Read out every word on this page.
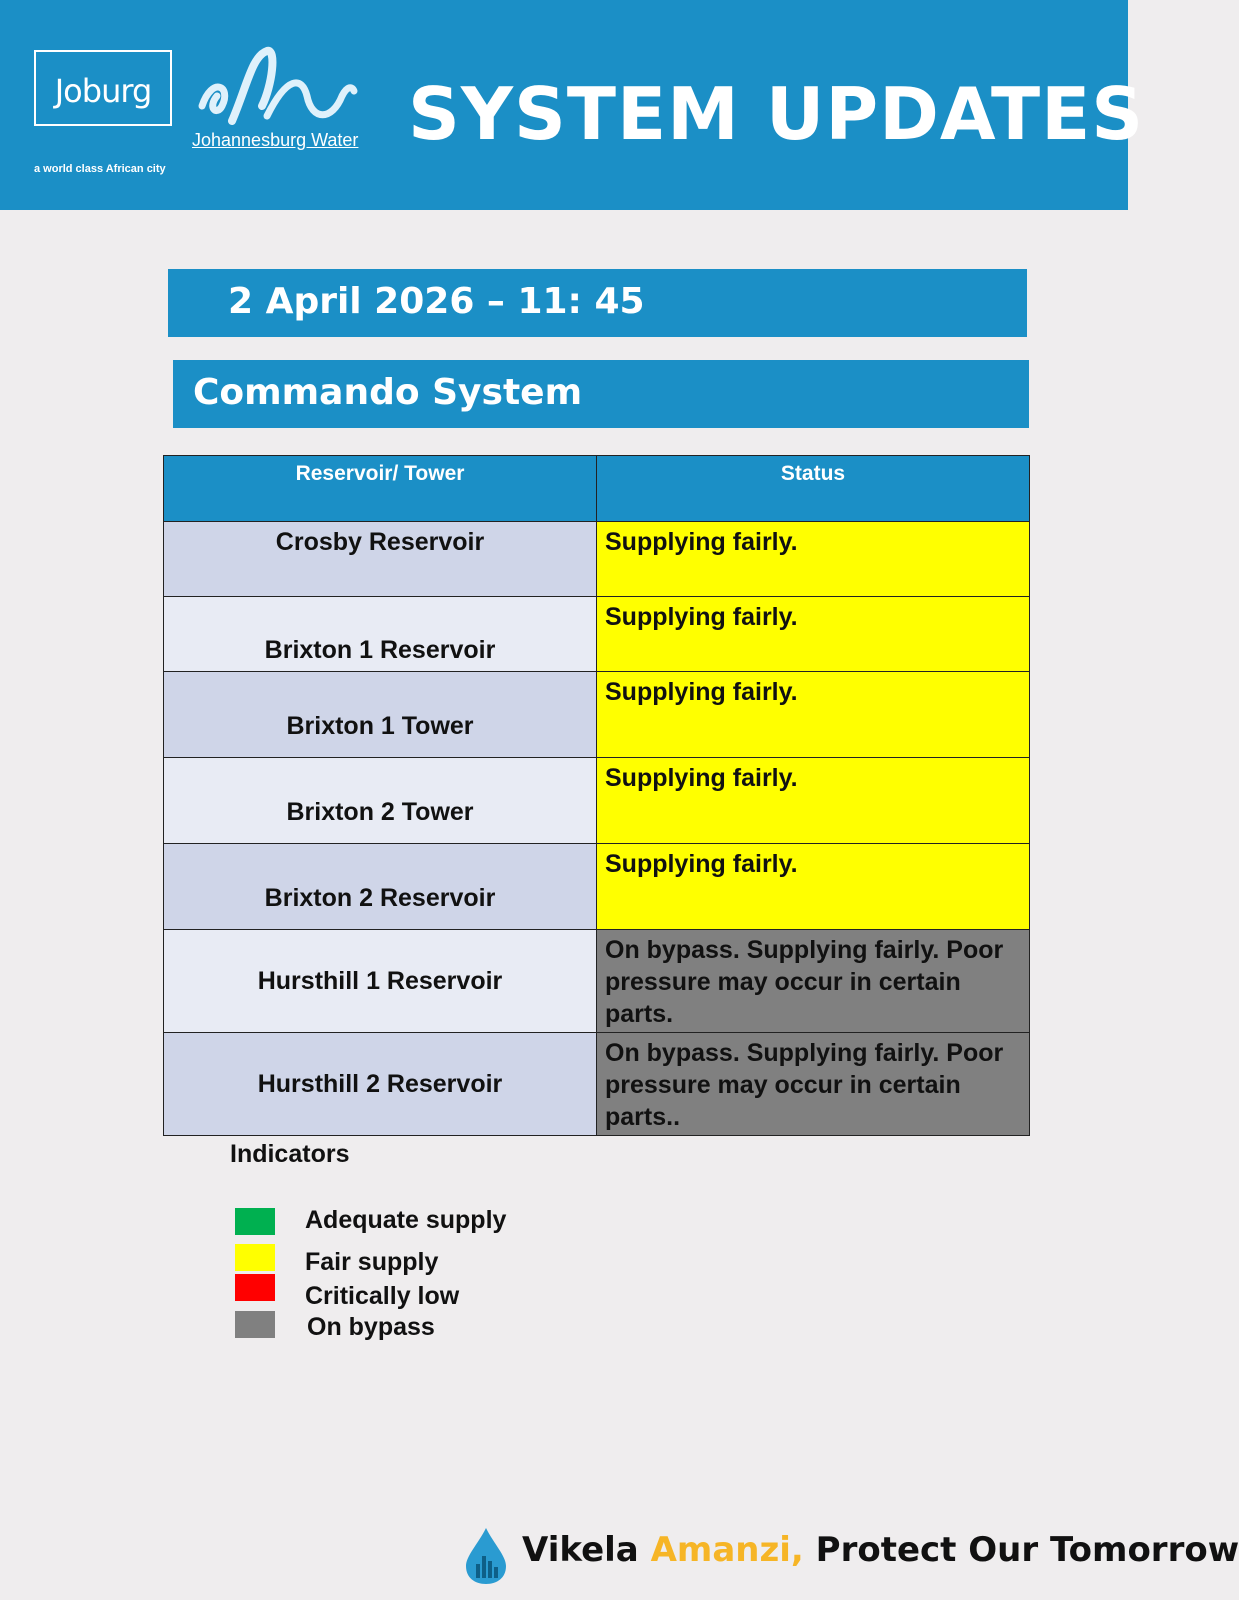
Joburg
a world class African city
Johannesburg Water SYSTEM UPDATES
2 April 2026 – 11: 45
Commando System
Reservoir/ Tower	Status
Crosby Reservoir	Supplying fairly.
Brixton 1 Reservoir	Supplying fairly.
Brixton 1 Tower	Supplying fairly.
Brixton 2 Tower	Supplying fairly.
Brixton 2 Reservoir	Supplying fairly.
Hursthill 1 Reservoir	On bypass. Supplying fairly. Poor pressure may occur in certain parts.
Hursthill 2 Reservoir	On bypass. Supplying fairly. Poor pressure may occur in certain parts..
Indicators
Adequate supply
Fair supply
Critically low
On bypass
Vikela Amanzi, Protect Our Tomorrow
